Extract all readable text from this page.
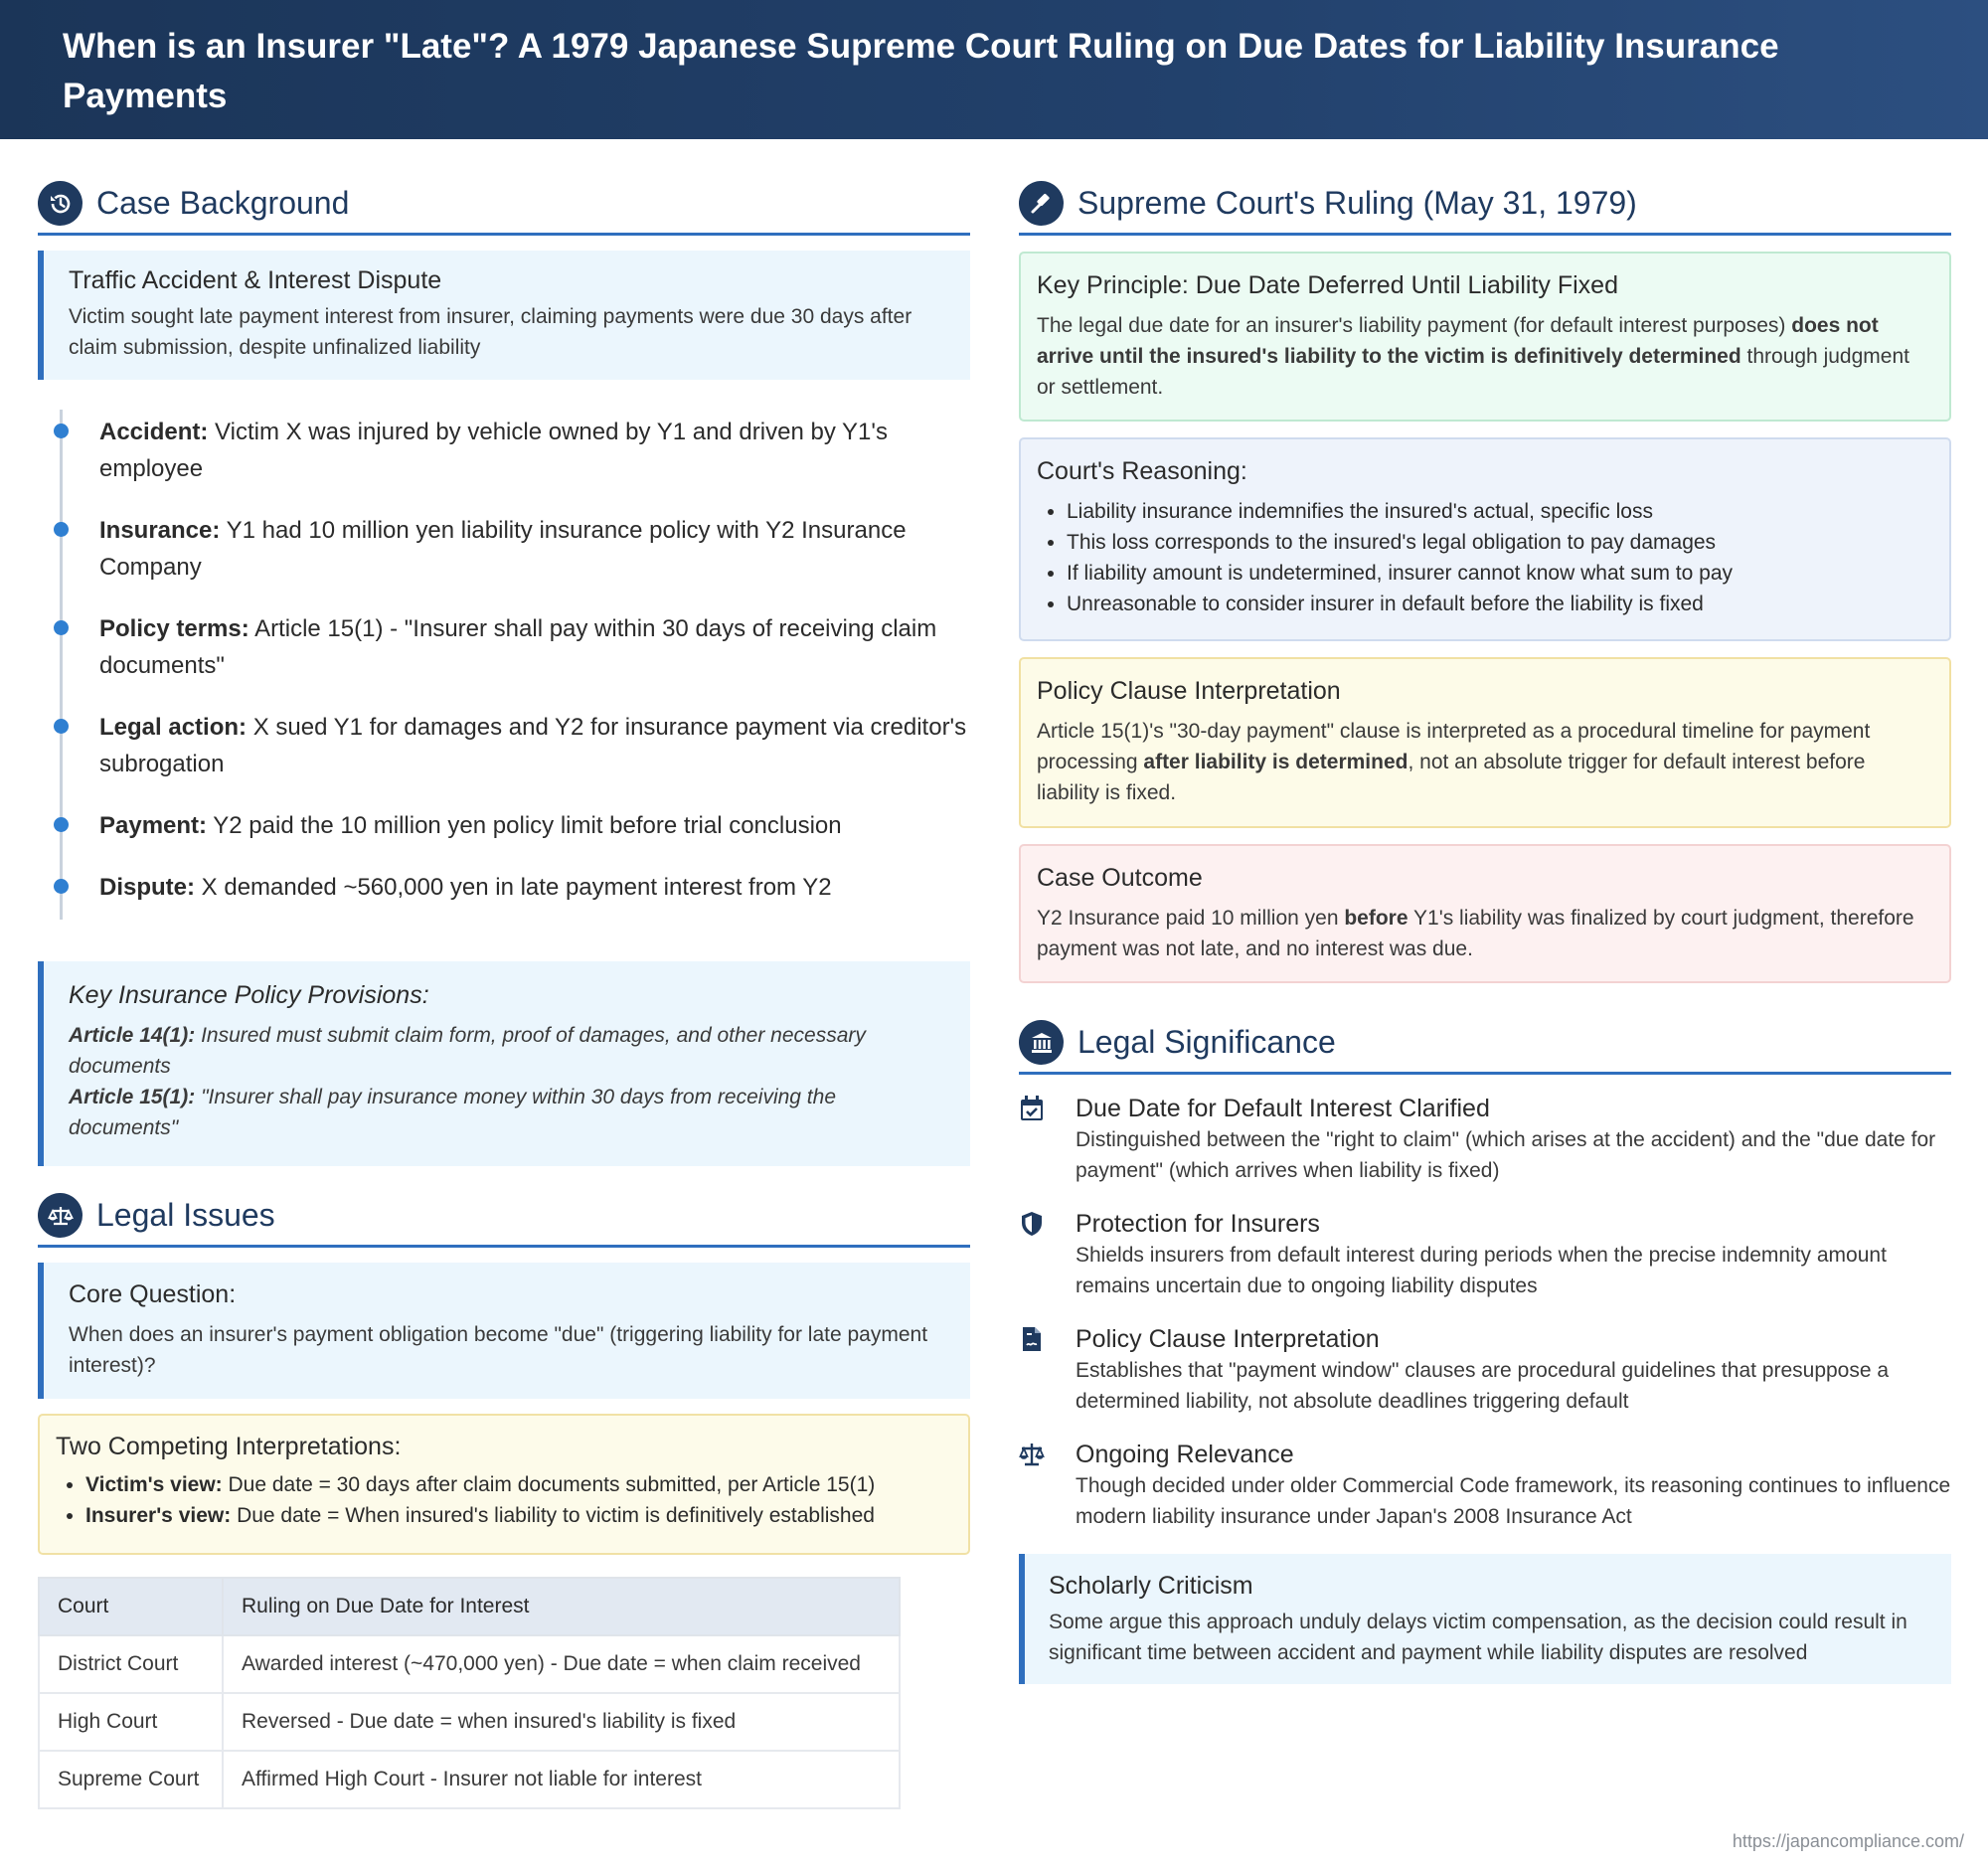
When is an Insurer "Late"? A 1979 Japanese Supreme Court Ruling on Due Dates for Liability Insurance Payments
Case Background
Traffic Accident & Interest Dispute
Victim sought late payment interest from insurer, claiming payments were due 30 days after claim submission, despite unfinalized liability
Accident: Victim X was injured by vehicle owned by Y1 and driven by Y1's employee
Insurance: Y1 had 10 million yen liability insurance policy with Y2 Insurance Company
Policy terms: Article 15(1) - "Insurer shall pay within 30 days of receiving claim documents"
Legal action: X sued Y1 for damages and Y2 for insurance payment via creditor's subrogation
Payment: Y2 paid the 10 million yen policy limit before trial conclusion
Dispute: X demanded ~560,000 yen in late payment interest from Y2
Key Insurance Policy Provisions:
Article 14(1): Insured must submit claim form, proof of damages, and other necessary documents
Article 15(1): "Insurer shall pay insurance money within 30 days from receiving the documents"
Legal Issues
Core Question:
When does an insurer's payment obligation become "due" (triggering liability for late payment interest)?
Two Competing Interpretations:
• Victim's view: Due date = 30 days after claim documents submitted, per Article 15(1)
• Insurer's view: Due date = When insured's liability to victim is definitively established
Court	Ruling on Due Date for Interest
District Court	Awarded interest (~470,000 yen) - Due date = when claim received
High Court	Reversed - Due date = when insured's liability is fixed
Supreme Court	Affirmed High Court - Insurer not liable for interest
Supreme Court's Ruling (May 31, 1979)
Key Principle: Due Date Deferred Until Liability Fixed
The legal due date for an insurer's liability payment (for default interest purposes) does not arrive until the insured's liability to the victim is definitively determined through judgment or settlement.
Court's Reasoning:
• Liability insurance indemnifies the insured's actual, specific loss
• This loss corresponds to the insured's legal obligation to pay damages
• If liability amount is undetermined, insurer cannot know what sum to pay
• Unreasonable to consider insurer in default before the liability is fixed
Policy Clause Interpretation
Article 15(1)'s "30-day payment" clause is interpreted as a procedural timeline for payment processing after liability is determined, not an absolute trigger for default interest before liability is fixed.
Case Outcome
Y2 Insurance paid 10 million yen before Y1's liability was finalized by court judgment, therefore payment was not late, and no interest was due.
Legal Significance
Due Date for Default Interest Clarified
Distinguished between the "right to claim" (which arises at the accident) and the "due date for payment" (which arrives when liability is fixed)
Protection for Insurers
Shields insurers from default interest during periods when the precise indemnity amount remains uncertain due to ongoing liability disputes
Policy Clause Interpretation
Establishes that "payment window" clauses are procedural guidelines that presuppose a determined liability, not absolute deadlines triggering default
Ongoing Relevance
Though decided under older Commercial Code framework, its reasoning continues to influence modern liability insurance under Japan's 2008 Insurance Act
Scholarly Criticism
Some argue this approach unduly delays victim compensation, as the decision could result in significant time between accident and payment while liability disputes are resolved
https://japancompliance.com/
